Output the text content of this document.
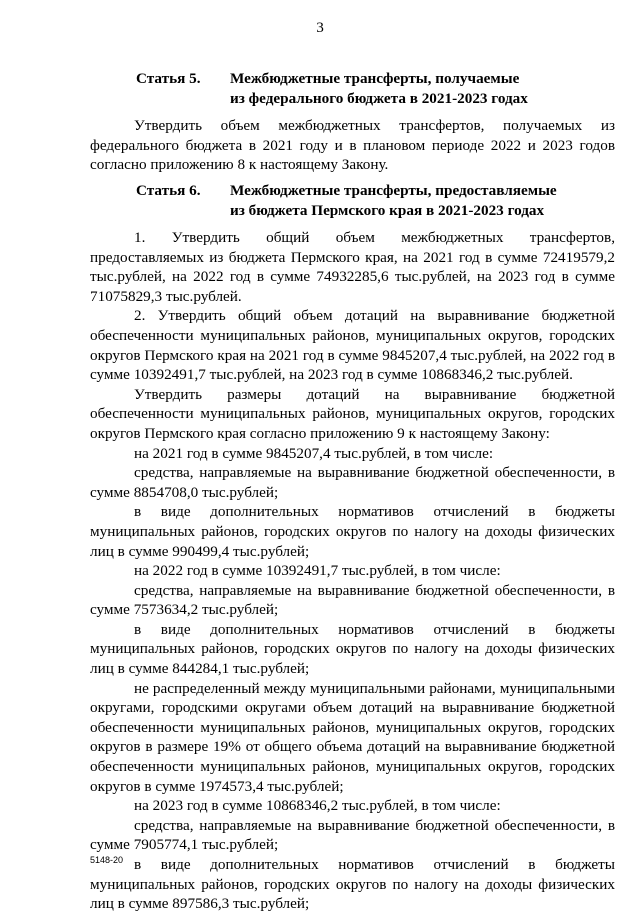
3
Статья 5. Межбюджетные трансферты, получаемые
из федерального бюджета в 2021-2023 годах

Утвердить объем межбюджетных трансфертов, получаемых из федерального бюджета в 2021 году и в плановом периоде 2022 и 2023 годов согласно приложению 8 к настоящему Закону.

Статья 6. Межбюджетные трансферты, предоставляемые
из бюджета Пермского края в 2021-2023 годах

1. Утвердить общий объем межбюджетных трансфертов, предоставляемых из бюджета Пермского края, на 2021 год в сумме 72419579,2 тыс.рублей, на 2022 год в сумме 74932285,6 тыс.рублей, на 2023 год в сумме 71075829,3 тыс.рублей.

2. Утвердить общий объем дотаций на выравнивание бюджетной обеспеченности муниципальных районов, муниципальных округов, городских округов Пермского края на 2021 год в сумме 9845207,4 тыс.рублей, на 2022 год в сумме 10392491,7 тыс.рублей, на 2023 год в сумме 10868346,2 тыс.рублей.

Утвердить размеры дотаций на выравнивание бюджетной обеспеченности муниципальных районов, муниципальных округов, городских округов Пермского края согласно приложению 9 к настоящему Закону:

на 2021 год в сумме 9845207,4 тыс.рублей, в том числе:

средства, направляемые на выравнивание бюджетной обеспеченности, в сумме 8854708,0 тыс.рублей;

в виде дополнительных нормативов отчислений в бюджеты муниципальных районов, городских округов по налогу на доходы физических лиц в сумме 990499,4 тыс.рублей;

на 2022 год в сумме 10392491,7 тыс.рублей, в том числе:

средства, направляемые на выравнивание бюджетной обеспеченности, в сумме 7573634,2 тыс.рублей;

в виде дополнительных нормативов отчислений в бюджеты муниципальных районов, городских округов по налогу на доходы физических лиц в сумме 844284,1 тыс.рублей;

не распределенный между муниципальными районами, муниципальными округами, городскими округами объем дотаций на выравнивание бюджетной обеспеченности муниципальных районов, муниципальных округов, городских округов в размере 19% от общего объема дотаций на выравнивание бюджетной обеспеченности муниципальных районов, муниципальных округов, городских округов в сумме 1974573,4 тыс.рублей;

на 2023 год в сумме 10868346,2 тыс.рублей, в том числе:

средства, направляемые на выравнивание бюджетной обеспеченности, в сумме 7905774,1 тыс.рублей;

в виде дополнительных нормативов отчислений в бюджеты муниципальных районов, городских округов по налогу на доходы физических лиц в сумме 897586,3 тыс.рублей;

5148-20
